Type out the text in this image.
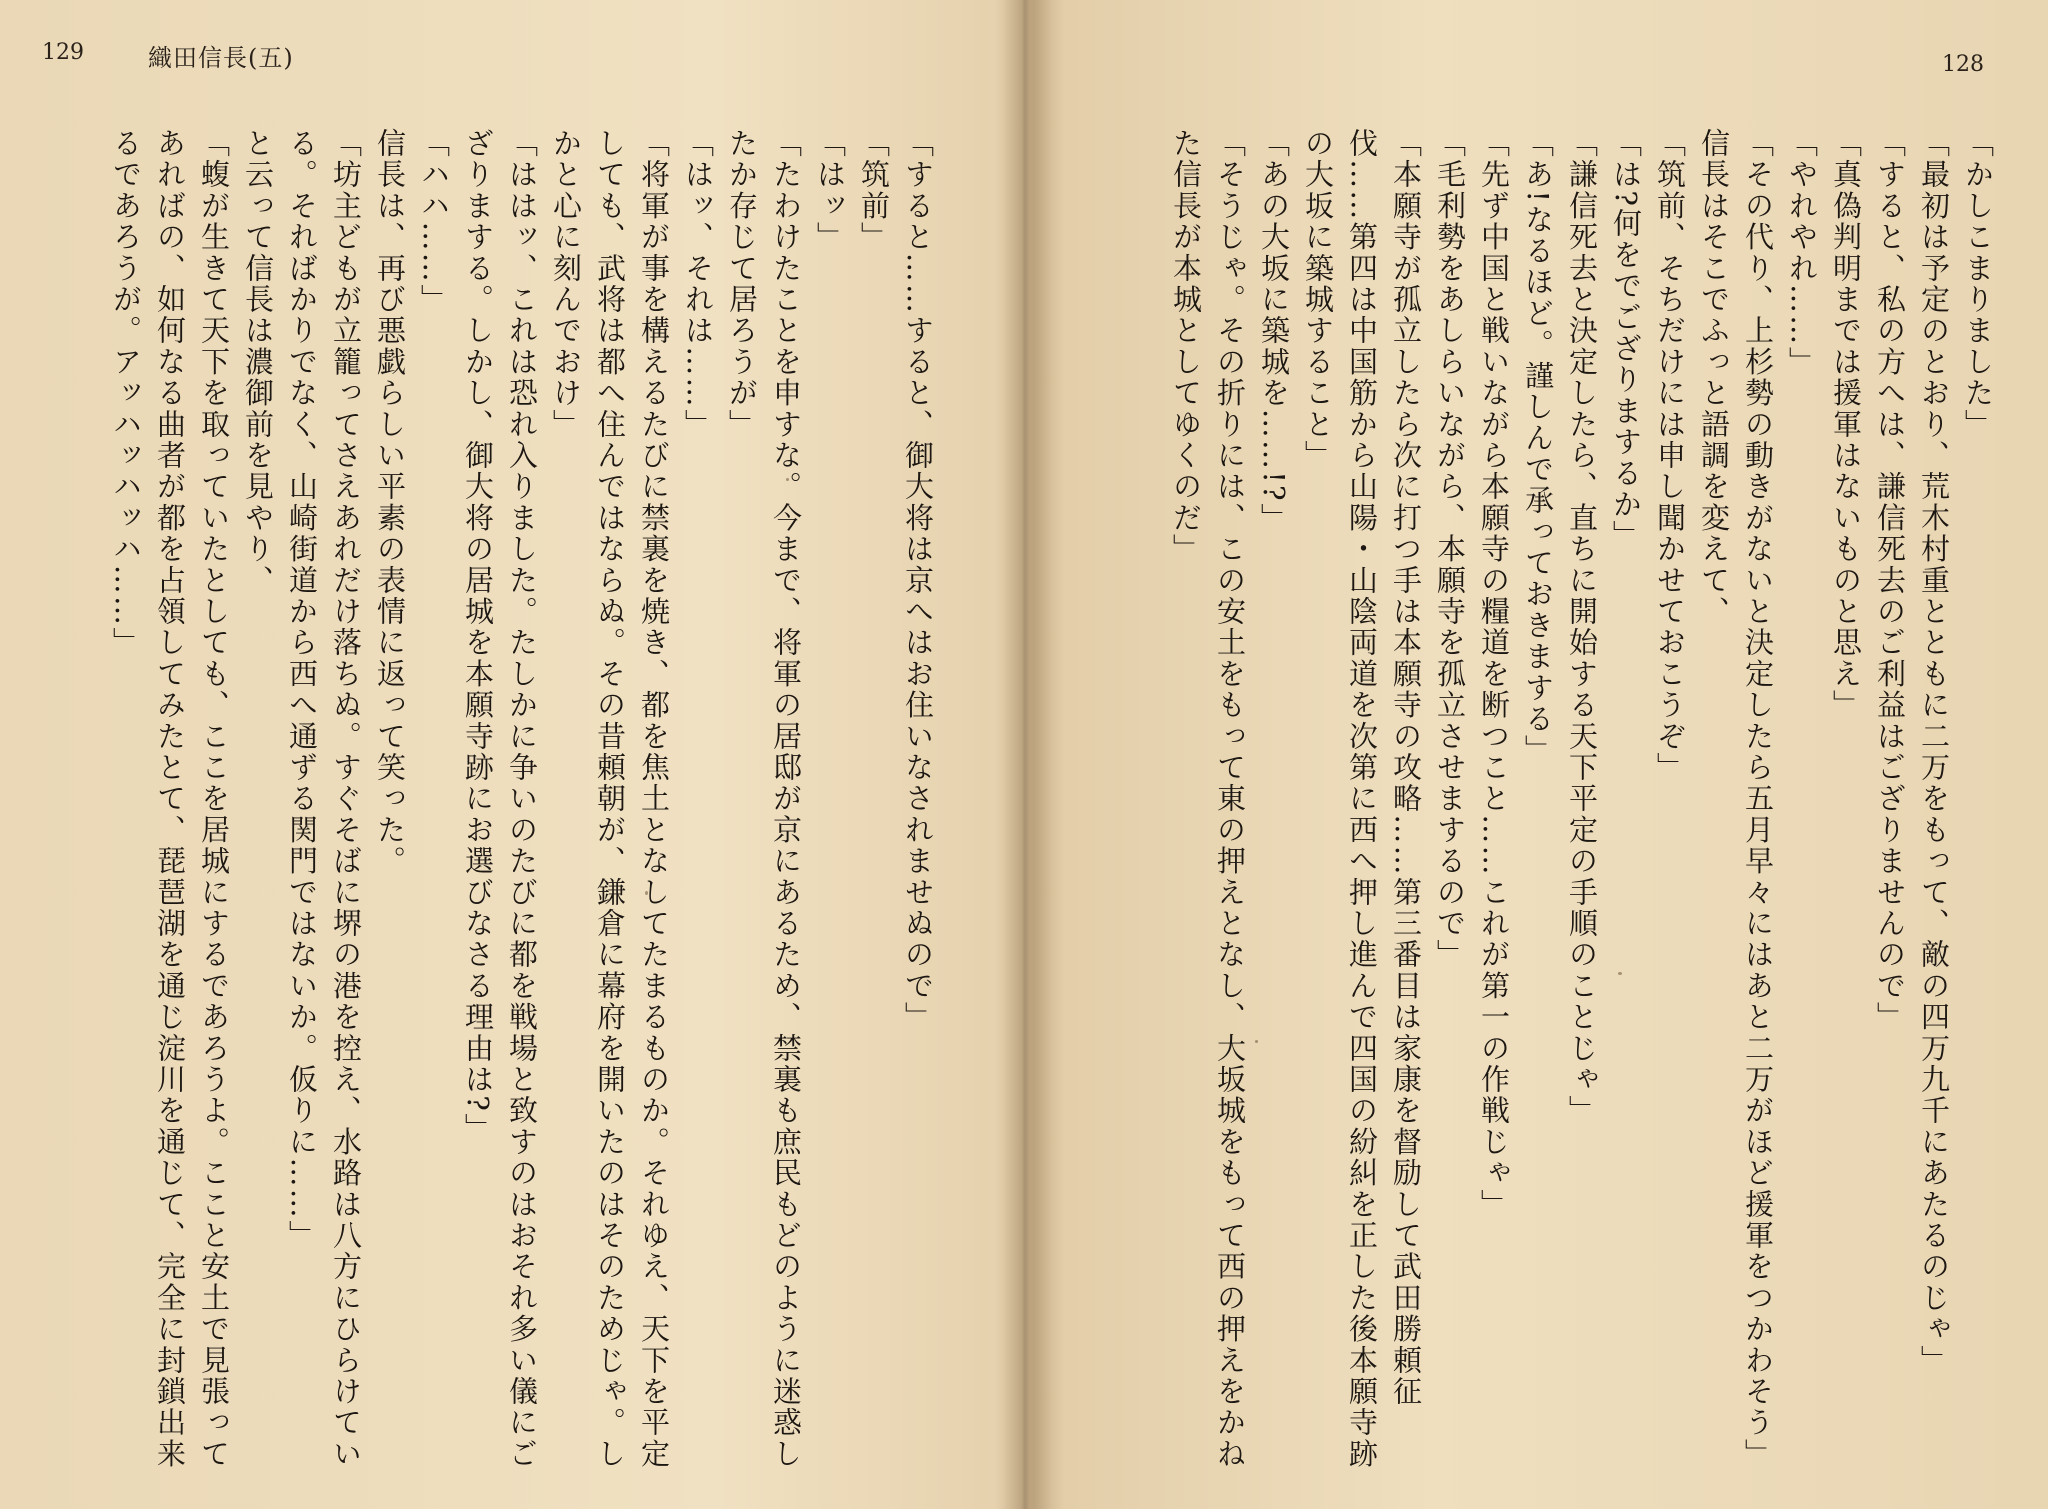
129	織田信長(五)
「すると……すると、御大将は京へはお住いなされませぬので」
「筑前」
「はッ」
「たわけたことを申すな。今まで、将軍の居邸が京にあるため、禁裏も庶民もどのように迷惑し
たか存じて居ろうが」
「はッ、それは……」
「将軍が事を構えるたびに禁裏を焼き、都を焦土となしてたまるものか。それゆえ、天下を平定
しても、武将は都へ住んではならぬ。その昔頼朝が、鎌倉に幕府を開いたのはそのためじゃ。し
かと心に刻んでおけ」
「ははッ、これは恐れ入りました。たしかに争いのたびに都を戦場と致すのはおそれ多い儀にご
ざりまする。しかし、御大将の居城を本願寺跡にお選びなさる理由は?」
「ハハ……」
信長は、再び悪戯らしい平素の表情に返って笑った。
「坊主どもが立籠ってさえあれだけ落ちぬ。すぐそばに堺の港を控え、水路は八方にひらけてい
る。そればかりでなく、山崎街道から西へ通ずる関門ではないか。仮りに……」
と云って信長は濃御前を見やり、
「蝮が生きて天下を取っていたとしても、ここを居城にするであろうよ。ここと安土で見張って
あればの、如何なる曲者が都を占領してみたとて、琵琶湖を通じ淀川を通じて、完全に封鎖出来
るであろうが。アッハッハッハ……」
128
「かしこまりました」
「最初は予定のとおり、荒木村重とともに二万をもって、敵の四万九千にあたるのじゃ」
「すると、私の方へは、謙信死去のご利益はござりませんので」
「真偽判明までは援軍はないものと思え」
「やれやれ……」
「その代り、上杉勢の動きがないと決定したら五月早々にはあと二万がほど援軍をつかわそう」
信長はそこでふっと語調を変えて、
「筑前、そちだけには申し聞かせておこうぞ」
「は?何をでござりまするか」
「謙信死去と決定したら、直ちに開始する天下平定の手順のことじゃ」
「あ!なるほど。謹しんで承っておきまする」
「先ず中国と戦いながら本願寺の糧道を断つこと……これが第一の作戦じゃ」
「毛利勢をあしらいながら、本願寺を孤立させまするので」
「本願寺が孤立したら次に打つ手は本願寺の攻略……第三番目は家康を督励して武田勝頼征
伐……第四は中国筋から山陽・山陰両道を次第に西へ押し進んで四国の紛糾を正した後本願寺跡
の大坂に築城すること」
「あの大坂に築城を……!?」
「そうじゃ。その折りには、この安土をもって東の押えとなし、大坂城をもって西の押えをかね
た信長が本城としてゆくのだ」
